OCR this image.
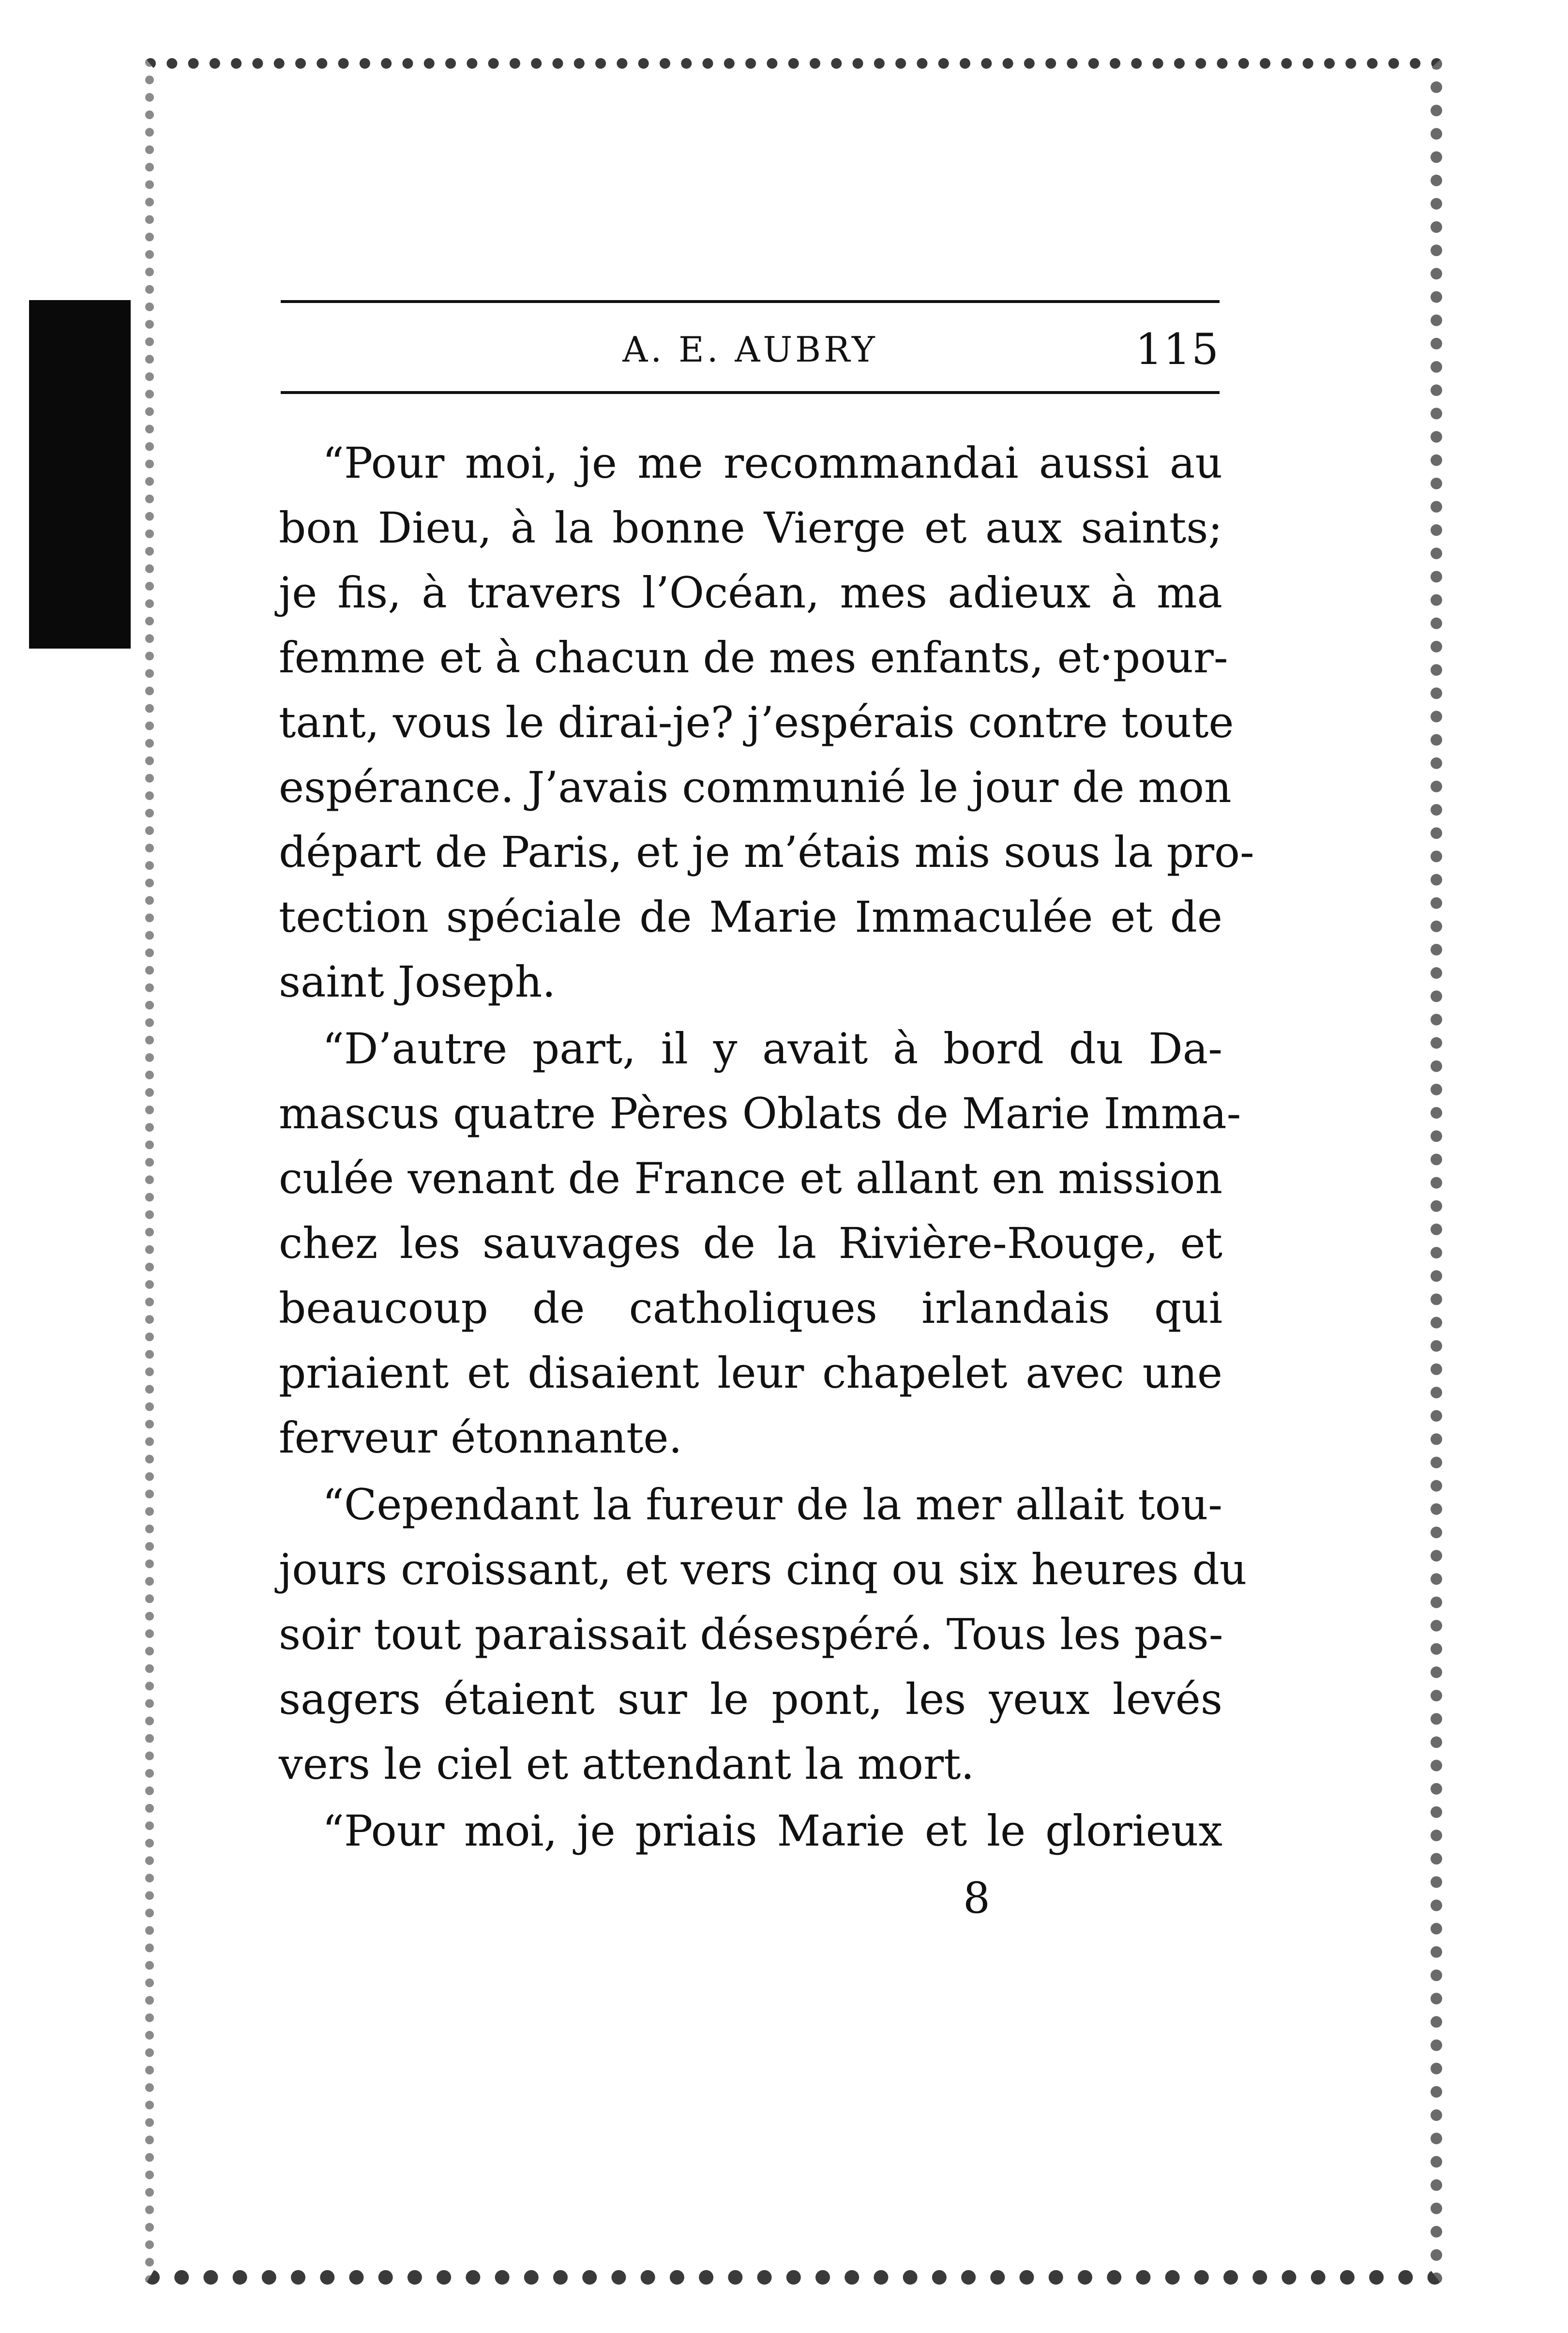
A. E. AUBRY	115
“Pour moi, je me recommandai aussi au
bon Dieu, à la bonne Vierge et aux saints;
je fis, à travers l’Océan, mes adieux à ma
femme et à chacun de mes enfants, et·pour-
tant, vous le dirai-je? j’espérais contre toute
espérance. J’avais communié le jour de mon
départ de Paris, et je m’étais mis sous la pro-
tection spéciale de Marie Immaculée et de
saint Joseph.
“D’autre part, il y avait à bord du Da-
mascus quatre Pères Oblats de Marie Imma-
culée venant de France et allant en mission
chez les sauvages de la Rivière-Rouge, et
beaucoup de catholiques irlandais qui
priaient et disaient leur chapelet avec une
ferveur étonnante.
“Cependant la fureur de la mer allait tou-
jours croissant, et vers cinq ou six heures du
soir tout paraissait désespéré. Tous les pas-
sagers étaient sur le pont, les yeux levés
vers le ciel et attendant la mort.
“Pour moi, je priais Marie et le glorieux
8
